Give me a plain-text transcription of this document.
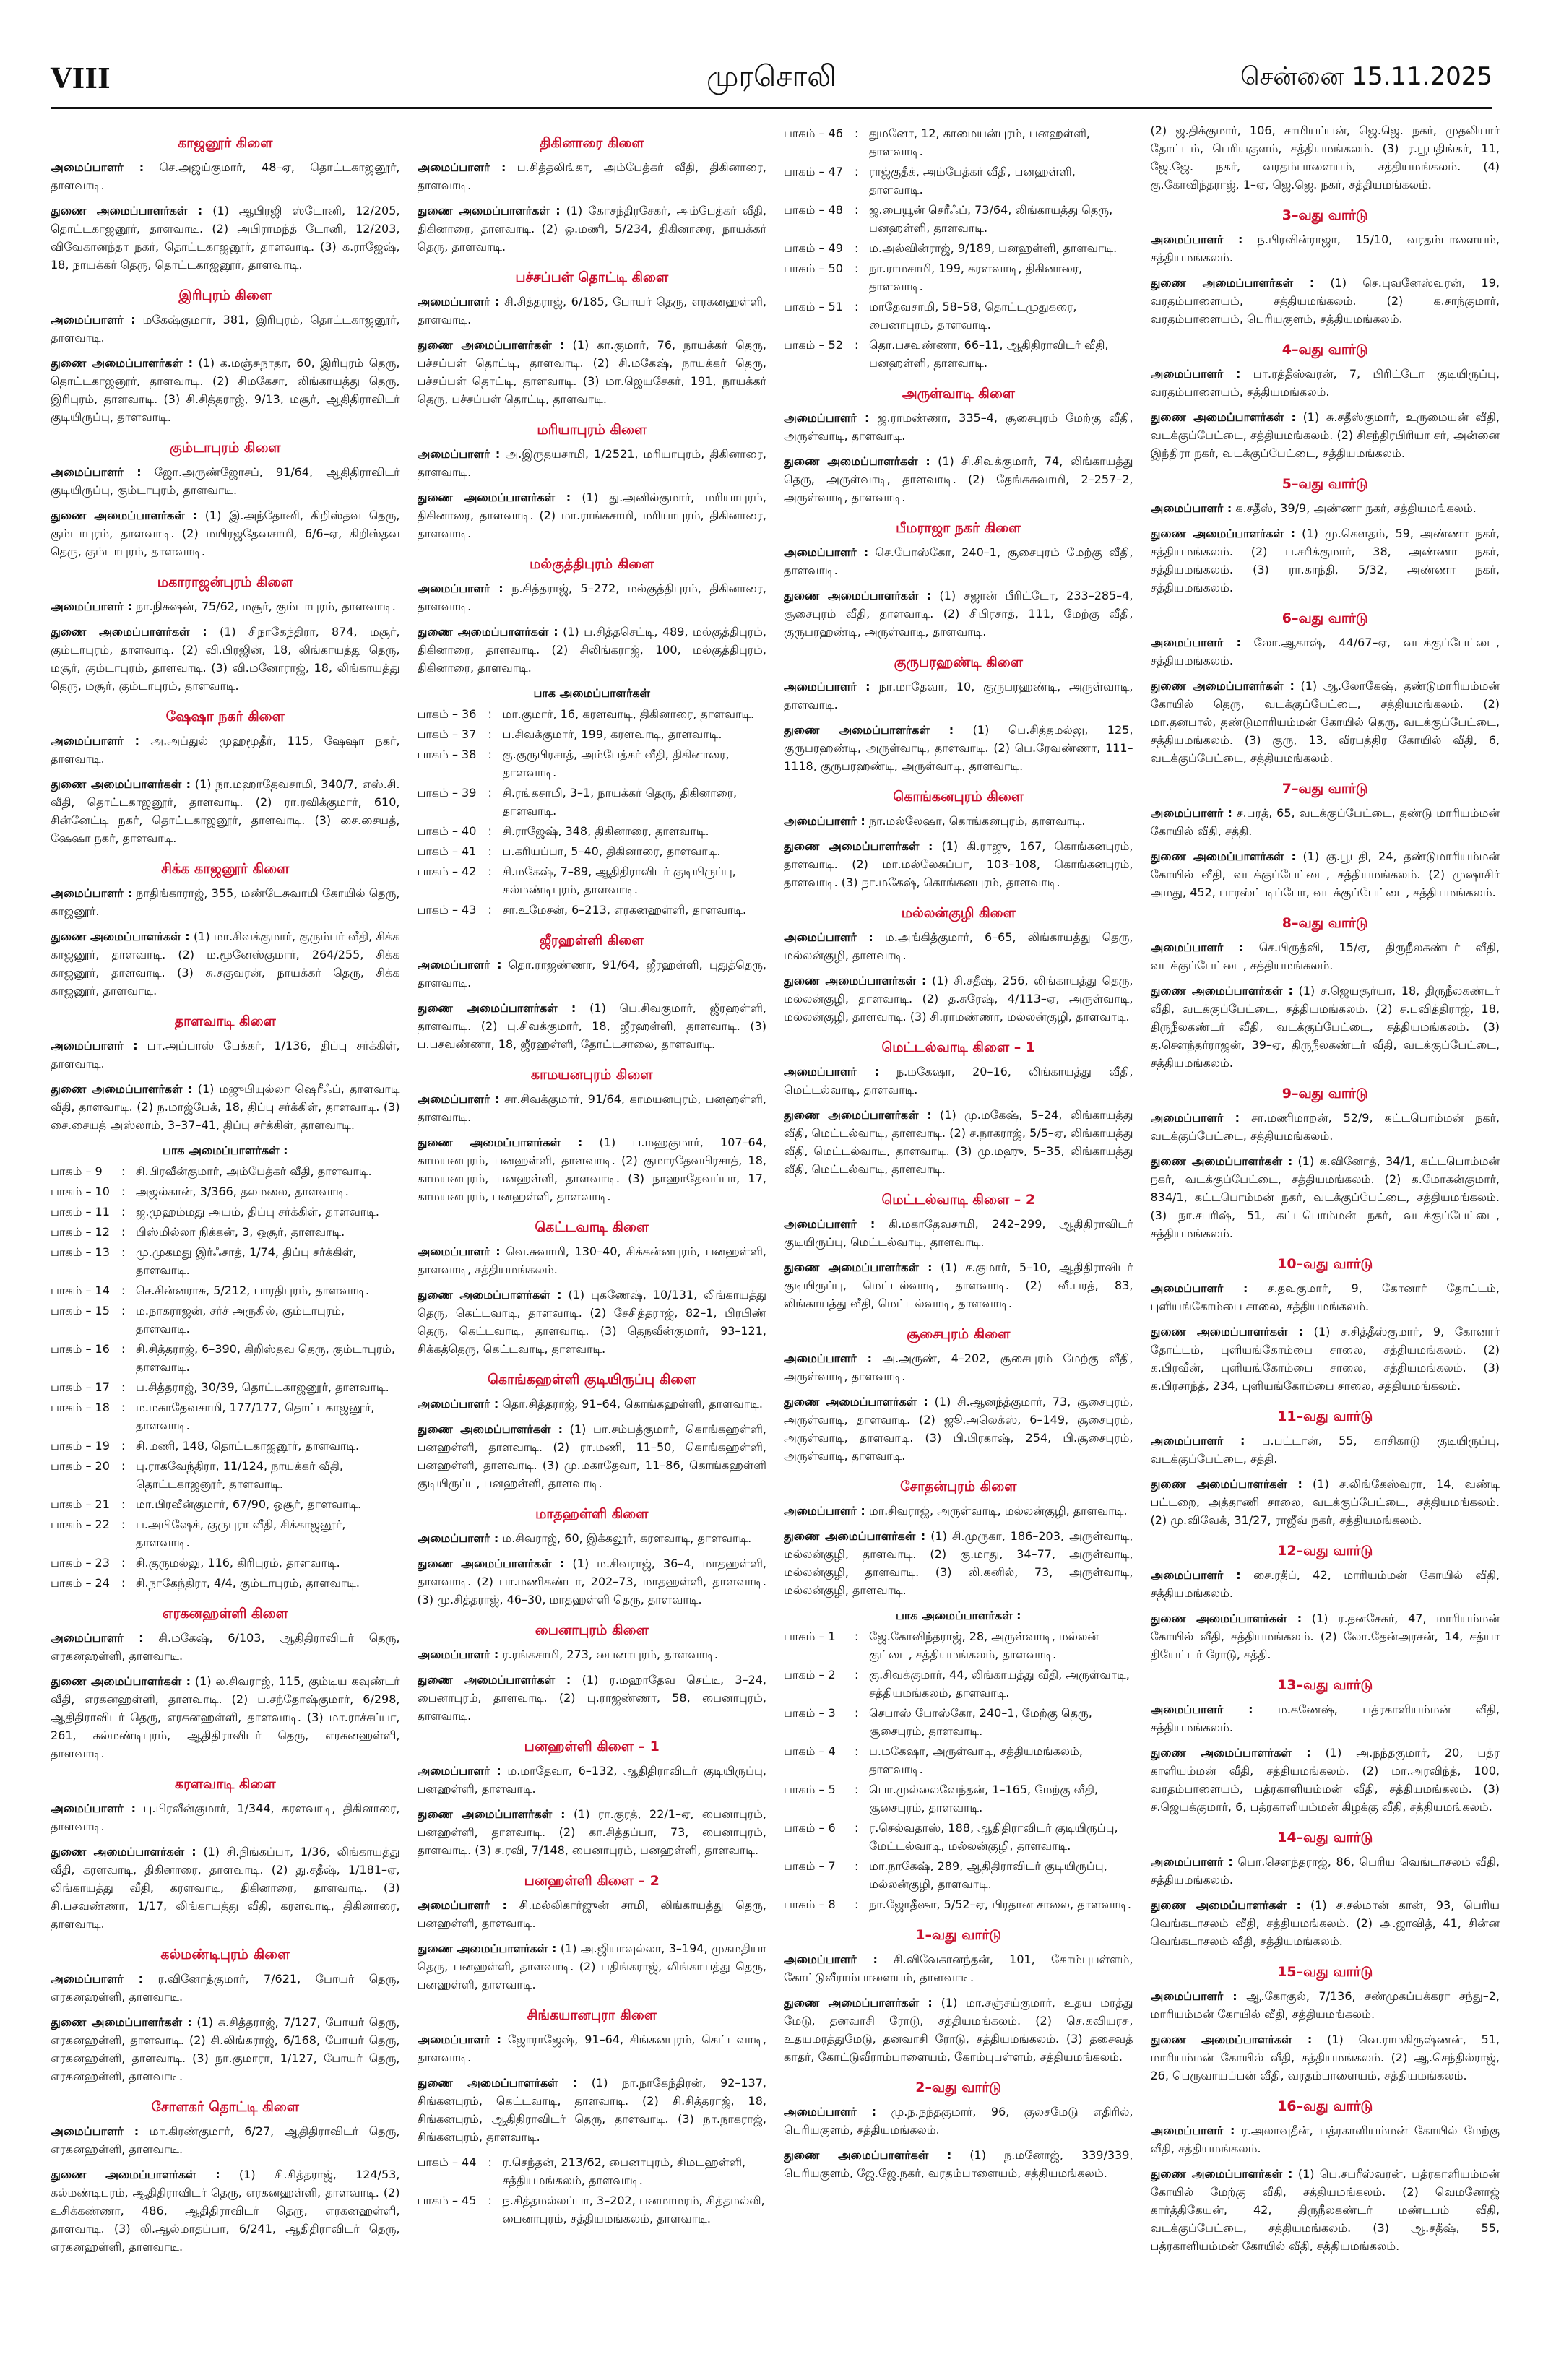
VIII	முரசொலி	சென்னை 15.11.2025
காஜனூர் கிளை

அமைப்பாளர் : செ.அஜய்குமார், 48–ஏ, தொட்டகாஜனூர், தாளவாடி.

துணை அமைப்பாளர்கள் : (1) ஆபிரஜி ஸ்டோனி, 12/205, தொட்டகாஜனூர், தாளவாடி. (2) அபிராமந்த் டோனி, 12/203, விவேகானந்தா நகர், தொட்டகாஜனூர், தாளவாடி. (3) க.ராஜேஷ், 18, நாயக்கர் தெரு, தொட்டகாஜனூர், தாளவாடி.

இரிபுரம் கிளை

அமைப்பாளர் : மகேஷ்குமார், 381, இரிபுரம், தொட்டகாஜனூர், தாளவாடி.

துணை அமைப்பாளர்கள் : (1) க.மஞ்சுநாதா, 60, இரிபுரம் தெரு, தொட்டகாஜனூர், தாளவாடி. (2) சிமகேசா, லிங்காயத்து தெரு, இரிபுரம், தாளவாடி. (3) சி.சித்தராஜ், 9/13, மசூர், ஆதிதிராவிடர் குடியிருப்பு, தாளவாடி.

கும்டாபுரம் கிளை

அமைப்பாளர் : ஜோ.அருண்ஜோசப், 91/64, ஆதிதிராவிடர் குடியிருப்பு, கும்டாபுரம், தாளவாடி.

துணை அமைப்பாளர்கள் : (1) இ.அந்தோனி, கிறிஸ்தவ தெரு, கும்டாபுரம், தாளவாடி. (2) மயிரஜதேவசாமி, 6/6–ஏ, கிறிஸ்தவ தெரு, கும்டாபுரம், தாளவாடி.

மகாராஜன்புரம் கிளை

அமைப்பாளர் : நா.நிசுஷன், 75/62, மசூர், கும்டாபுரம், தாளவாடி.

துணை அமைப்பாளர்கள் : (1) சிநாகேந்திரா, 874, மசூர், கும்டாபுரம், தாளவாடி. (2) வி.பிரஜின், 18, லிங்காயத்து தெரு, மசூர், கும்டாபுரம், தாளவாடி. (3) வி.மனோராஜ், 18, லிங்காயத்து தெரு, மசூர், கும்டாபுரம், தாளவாடி.

ஷேஷா நகர் கிளை

அமைப்பாளர் : அ.அப்துல் முஹமூதீர், 115, ஷேஷா நகர், தாளவாடி.

துணை அமைப்பாளர்கள் : (1) நா.மஹாதேவசாமி, 340/7, எஸ்.சி. வீதி, தொட்டகாஜனூர், தாளவாடி. (2) ரா.ரவிக்குமார், 610, சின்னேட்டி நகர், தொட்டகாஜனூர், தாளவாடி. (3) சை.சையத், ஷேஷா நகர், தாளவாடி.

சிக்க காஜனூர் கிளை

அமைப்பாளர் : நாதிங்காராஜ், 355, மண்டேசுவாமி கோயில் தெரு, காஜனூர்.

துணை அமைப்பாளர்கள் : (1) மா.சிவக்குமார், குரும்பர் வீதி, சிக்க காஜனூர், தாளவாடி. (2) ம.மூனேஸ்குமார், 264/255, சிக்க காஜனூர், தாளவாடி. (3) சு.சகுவரன், நாயக்கர் தெரு, சிக்க காஜனூர், தாளவாடி.

தாளவாடி கிளை

அமைப்பாளர் : பா.அப்பாஸ் பேக்கர், 1/136, திப்பு சர்க்கிள், தாளவாடி.

துணை அமைப்பாளர்கள் : (1) மஜுபியுல்லா ஷெரீஃப், தாளவாடி வீதி, தாளவாடி. (2) ந.மாஜ்பேக், 18, திப்பு சர்க்கிள், தாளவாடி. (3) சை.சையத் அஸ்லாம், 3–37–41, திப்பு சர்க்கிள், தாளவாடி.

பாக அமைப்பாளர்கள் :
பாகம் – 9	: சி.பிரவீன்குமார், அம்பேத்கர் வீதி, தாளவாடி.
பாகம் – 10	: அஜல்கான், 3/366, தலமலை, தாளவாடி.
பாகம் – 11	: ஜ.முஹம்மது அயம், திப்பு சர்க்கிள், தாளவாடி.
பாகம் – 12	: பிஸ்மில்லா நிக்கன், 3, ஒசூர், தாளவாடி.
பாகம் – 13	: மு.முகமது இர்ஃசாத், 1/74, திப்பு சர்க்கிள், தாளவாடி.
பாகம் – 14	: செ.சின்னராசு, 5/212, பாரதிபுரம், தாளவாடி.
பாகம் – 15	: ம.நாகராஜன், சர்ச் அருகில், கும்டாபுரம், தாளவாடி.
பாகம் – 16	: சி.சித்தராஜ், 6–390, கிறிஸ்தவ தெரு, கும்டாபுரம், தாளவாடி.
பாகம் – 17	: ப.சித்தராஜ், 30/39, தொட்டகாஜனூர், தாளவாடி.
பாகம் – 18	: ம.மகாதேவசாமி, 177/177, தொட்டகாஜனூர், தாளவாடி.
பாகம் – 19	: சி.மணி, 148, தொட்டகாஜனூர், தாளவாடி.
பாகம் – 20	: பு.ராகவேந்திரா, 11/124, நாயக்கர் வீதி, தொட்டகாஜனூர், தாளவாடி.
பாகம் – 21	: மா.பிரவீன்குமார், 67/90, ஒசூர், தாளவாடி.
பாகம் – 22	: ப.அபிஷேக், குருபுரா வீதி, சிக்காஜனூர், தாளவாடி.
பாகம் – 23	: சி.குருமல்லு, 116, கிரிபுரம், தாளவாடி.
பாகம் – 24	: சி.நாகேந்திரா, 4/4, கும்டாபுரம், தாளவாடி.
எரகனஹள்ளி கிளை

அமைப்பாளர் : சி.மகேஷ், 6/103, ஆதிதிராவிடர் தெரு, எரகனஹள்ளி, தாளவாடி.

துணை அமைப்பாளர்கள் : (1) ல.சிவராஜ், 115, கும்டிய கவுண்டர் வீதி, எரகனஹள்ளி, தாளவாடி. (2) ப.சந்தோஷ்குமார், 6/298, ஆதிதிராவிடர் தெரு, எரகனஹள்ளி, தாளவாடி. (3) மா.ராச்சப்பா, 261, கல்மண்டிபுரம், ஆதிதிராவிடர் தெரு, எரகனஹள்ளி, தாளவாடி.

கரளவாடி கிளை

அமைப்பாளர் : பு.பிரவீன்குமார், 1/344, கரளவாடி, திகினாரை, தாளவாடி.

துணை அமைப்பாளர்கள் : (1) சி.நிங்கப்பா, 1/36, லிங்காயத்து வீதி, கரளவாடி, திகினாரை, தாளவாடி. (2) து.சதீஷ், 1/181–ஏ, லிங்காயத்து வீதி, கரளவாடி, திகினாரை, தாளவாடி. (3) சி.பசவண்ணா, 1/17, லிங்காயத்து வீதி, கரளவாடி, திகினாரை, தாளவாடி.

கல்மண்டிபுரம் கிளை

அமைப்பாளர் : ர.வினோத்குமார், 7/621, போயர் தெரு, எரகனஹள்ளி, தாளவாடி.

துணை அமைப்பாளர்கள் : (1) சு.சித்தராஜ், 7/127, போயர் தெரு, எரகனஹள்ளி, தாளவாடி. (2) சி.லிங்கராஜ், 6/168, போயர் தெரு, எரகனஹள்ளி, தாளவாடி. (3) நா.குமாரா, 1/127, போயர் தெரு, எரகனஹள்ளி, தாளவாடி.

சோளகர் தொட்டி கிளை

அமைப்பாளர் : மா.கிரண்குமார், 6/27, ஆதிதிராவிடர் தெரு, எரகனஹள்ளி, தாளவாடி.

துணை அமைப்பாளர்கள் : (1) சி.சித்தராஜ், 124/53, கல்மண்டிபுரம், ஆதிதிராவிடர் தெரு, எரகனஹள்ளி, தாளவாடி. (2) உசிக்கண்ணா, 486, ஆதிதிராவிடர் தெரு, எரகனஹள்ளி, தாளவாடி. (3) லி.ஆல்மாதப்பா, 6/241, ஆதிதிராவிடர் தெரு, எரகனஹள்ளி, தாளவாடி.

திகினாரை கிளை

அமைப்பாளர் : ப.சித்தலிங்கா, அம்பேத்கர் வீதி, திகினாரை, தாளவாடி.

துணை அமைப்பாளர்கள் : (1) கோசந்திரசேகர், அம்பேத்கர் வீதி, திகினாரை, தாளவாடி. (2) ஒ.மணி, 5/234, திகினாரை, நாயக்கர் தெரு, தாளவாடி.

பச்சப்பள் தொட்டி கிளை

அமைப்பாளர் : சி.சித்தராஜ், 6/185, போயர் தெரு, எரகனஹள்ளி, தாளவாடி.

துணை அமைப்பாளர்கள் : (1) கா.குமார், 76, நாயக்கர் தெரு, பச்சப்பள் தொட்டி, தாளவாடி. (2) சி.மகேஷ், நாயக்கர் தெரு, பச்சப்பள் தொட்டி, தாளவாடி. (3) மா.ஜெயசேகர், 191, நாயக்கர் தெரு, பச்சப்பள் தொட்டி, தாளவாடி.

மரியாபுரம் கிளை

அமைப்பாளர் : அ.இருதயசாமி, 1/2521, மரியாபுரம், திகினாரை, தாளவாடி.

துணை அமைப்பாளர்கள் : (1) து.அனில்குமார், மரியாபுரம், திகினாரை, தாளவாடி. (2) மா.ராங்கசாமி, மரியாபுரம், திகினாரை, தாளவாடி.

மல்குத்திபுரம் கிளை

அமைப்பாளர் : ந.சித்தராஜ், 5–272, மல்குத்திபுரம், திகினாரை, தாளவாடி.

துணை அமைப்பாளர்கள் : (1) ப.சித்தசெட்டி, 489, மல்குத்திபுரம், திகினாரை, தாளவாடி. (2) சிலிங்கராஜ், 100, மல்குத்திபுரம், திகினாரை, தாளவாடி.

பாக அமைப்பாளர்கள்
பாகம் – 36	: மா.குமார், 16, கரளவாடி, திகினாரை, தாளவாடி.
பாகம் – 37	: ப.சிவக்குமார், 199, கரளவாடி, தாளவாடி.
பாகம் – 38	: கு.குருபிரசாத், அம்பேத்கர் வீதி, திகினாரை, தாளவாடி.
பாகம் – 39	: சி.ரங்கசாமி, 3–1, நாயக்கர் தெரு, திகினாரை, தாளவாடி.
பாகம் – 40	: சி.ராஜேஷ், 348, திகினாரை, தாளவாடி.
பாகம் – 41	: ப.கரியப்பா, 5–40, திகினாரை, தாளவாடி.
பாகம் – 42	: சி.மகேஷ், 7–89, ஆதிதிராவிடர் குடியிருப்பு, கல்மண்டிபுரம், தாளவாடி.
பாகம் – 43	: சா.உமேசன், 6–213, எரகனஹள்ளி, தாளவாடி.
ஜீரஹள்ளி கிளை

அமைப்பாளர் : தொ.ராஜண்ணா, 91/64, ஜீரஹள்ளி, புதுத்தெரு, தாளவாடி.

துணை அமைப்பாளர்கள் : (1) பெ.சிவகுமார், ஜீரஹள்ளி, தாளவாடி. (2) பு.சிவக்குமார், 18, ஜீரஹள்ளி, தாளவாடி. (3) ப.பசவண்ணா, 18, ஜீரஹள்ளி, தோட்டசாலை, தாளவாடி.

காமயனபுரம் கிளை

அமைப்பாளர் : சா.சிவக்குமார், 91/64, காமயனபுரம், பனஹள்ளி, தாளவாடி.

துணை அமைப்பாளர்கள் : (1) ப.மஹகுமார், 107–64, காமயனபுரம், பனஹள்ளி, தாளவாடி. (2) குமாரதேவபிரசாத், 18, காமயனபுரம், பனஹள்ளி, தாளவாடி. (3) நாஹாதேவப்பா, 17, காமயனபுரம், பனஹள்ளி, தாளவாடி.

கெட்டவாடி கிளை

அமைப்பாளர் : வெ.சுவாமி, 130–40, சிக்கன்னபுரம், பனஹள்ளி, தாளவாடி, சத்தியமங்கலம்.

துணை அமைப்பாளர்கள் : (1) புகணேஷ், 10/131, லிங்காயத்து தெரு, கெட்டவாடி, தாளவாடி. (2) சேசித்தராஜ், 82–1, பிரபிண் தெரு, கெட்டவாடி, தாளவாடி. (3) தெநவீன்குமார், 93–121, சிக்கத்தெரு, கெட்டவாடி, தாளவாடி.

கொங்கஹள்ளி குடியிருப்பு கிளை

அமைப்பாளர் : தொ.சித்தராஜ், 91–64, கொங்கஹள்ளி, தாளவாடி.

துணை அமைப்பாளர்கள் : (1) பா.சம்பத்குமார், கொங்கஹள்ளி, பனஹள்ளி, தாளவாடி. (2) ரா.மணி, 11–50, கொங்கஹள்ளி, பனஹள்ளி, தாளவாடி. (3) மு.மகாதேவா, 11–86, கொங்கஹள்ளி குடியிருப்பு, பனஹள்ளி, தாளவாடி.

மாதஹள்ளி கிளை

அமைப்பாளர் : ம.சிவராஜ், 60, இக்கலூர், கரளவாடி, தாளவாடி.

துணை அமைப்பாளர்கள் : (1) ம.சிவராஜ், 36–4, மாதஹள்ளி, தாளவாடி. (2) பா.மணிகண்டா, 202–73, மாதஹள்ளி, தாளவாடி. (3) மு.சித்தராஜ், 46–30, மாதஹள்ளி தெரு, தாளவாடி.

பைனாபுரம் கிளை

அமைப்பாளர் : ர.ரங்கசாமி, 273, பைனாபுரம், தாளவாடி.

துணை அமைப்பாளர்கள் : (1) ர.மஹாதேவ செட்டி, 3–24, பைனாபுரம், தாளவாடி. (2) பு.ராஜண்ணா, 58, பைனாபுரம், தாளவாடி.

பனஹள்ளி கிளை – 1

அமைப்பாளர் : ம.மாதேவா, 6–132, ஆதிதிராவிடர் குடியிருப்பு, பனஹள்ளி, தாளவாடி.

துணை அமைப்பாளர்கள் : (1) ரா.குரத், 22/1–ஏ, பைனாபுரம், பனஹள்ளி, தாளவாடி. (2) கா.சித்தப்பா, 73, பைனாபுரம், தாளவாடி. (3) ச.ரவி, 7/148, பைனாபுரம், பனஹள்ளி, தாளவாடி.

பனஹள்ளி கிளை – 2

அமைப்பாளர் : சி.மல்லிகார்ஜுன் சாமி, லிங்காயத்து தெரு, பனஹள்ளி, தாளவாடி.

துணை அமைப்பாளர்கள் : (1) அ.ஜியாவுல்லா, 3–194, முகமதியா தெரு, பனஹள்ளி, தாளவாடி. (2) பதிங்கராஜ், லிங்காயத்து தெரு, பனஹள்ளி, தாளவாடி.

சிங்கயானபுரா கிளை

அமைப்பாளர் : ஜோராஜேஷ், 91–64, சிங்கனபுரம், கெட்டவாடி, தாளவாடி.

துணை அமைப்பாளர்கள் : (1) நா.நாகேந்திரன், 92–137, சிங்கனபுரம், கெட்டவாடி, தாளவாடி. (2) சி.சித்தராஜ், 18, சிங்கனபுரம், ஆதிதிராவிடர் தெரு, தாளவாடி. (3) நா.நாகராஜ், சிங்கனபுரம், தாளவாடி.

பாகம் – 44	: ர.செந்தன், 213/62, பைனாபுரம், சிமடஹள்ளி, சத்தியமங்கலம், தாளவாடி.
பாகம் – 45	: ந.சித்தமல்லப்பா, 3–202, பனமாமரம், சித்தமல்லி, பைனாபுரம், சத்தியமங்கலம், தாளவாடி.
பாகம் – 46	: துமனோ, 12, காமையன்புரம், பனஹள்ளி, தாளவாடி.
பாகம் – 47	: ராஜ்குதீக், அம்பேத்கர் வீதி, பனஹள்ளி, தாளவாடி.
பாகம் – 48	: ஜ.பையூன் செரீஃப், 73/64, லிங்காயத்து தெரு, பனஹள்ளி, தாளவாடி.
பாகம் – 49	: ம.அல்வின்ராஜ், 9/189, பனஹள்ளி, தாளவாடி.
பாகம் – 50	: நா.ராமசாமி, 199, கரளவாடி, திகினாரை, தாளவாடி.
பாகம் – 51	: மாதேவசாமி, 58–58, தொட்டமுதுகரை, பைனாபுரம், தாளவாடி.
பாகம் – 52	: தொ.பசவண்ணா, 66–11, ஆதிதிராவிடர் வீதி, பனஹள்ளி, தாளவாடி.
அருள்வாடி கிளை

அமைப்பாளர் : ஜ.ராமண்ணா, 335–4, சூசைபுரம் மேற்கு வீதி, அருள்வாடி, தாளவாடி.

துணை அமைப்பாளர்கள் : (1) சி.சிவக்குமார், 74, லிங்காயத்து தெரு, அருள்வாடி, தாளவாடி. (2) தேங்கசுவாமி, 2–257–2, அருள்வாடி, தாளவாடி.

பீமராஜா நகர் கிளை

அமைப்பாளர் : செ.போஸ்கோ, 240–1, சூசைபுரம் மேற்கு வீதி, தாளவாடி.

துணை அமைப்பாளர்கள் : (1) சஜான் பீரிட்டோ, 233–285–4, சூசைபுரம் வீதி, தாளவாடி. (2) சிபிரசாத், 111, மேற்கு வீதி, குருபரஹண்டி, அருள்வாடி, தாளவாடி.

குருபரஹண்டி கிளை

அமைப்பாளர் : நா.மாதேவா, 10, குருபரஹண்டி, அருள்வாடி, தாளவாடி.

துணை அமைப்பாளர்கள் : (1) பெ.சித்தமல்லு, 125, குருபரஹண்டி, அருள்வாடி, தாளவாடி. (2) பெ.ரேவண்ணா, 111–1118, குருபரஹண்டி, அருள்வாடி, தாளவாடி.

கொங்கனபுரம் கிளை

அமைப்பாளர் : நா.மல்லேஷா, கொங்கனபுரம், தாளவாடி.

துணை அமைப்பாளர்கள் : (1) கி.ராஜு, 167, கொங்கனபுரம், தாளவாடி. (2) மா.மல்லேசுப்பா, 103–108, கொங்கனபுரம், தாளவாடி. (3) நா.மகேஷ், கொங்கனபுரம், தாளவாடி.

மல்லன்குழி கிளை

அமைப்பாளர் : ம.அங்கித்குமார், 6–65, லிங்காயத்து தெரு, மல்லன்குழி, தாளவாடி.

துணை அமைப்பாளர்கள் : (1) சி.சதீஷ், 256, லிங்காயத்து தெரு, மல்லன்குழி, தாளவாடி. (2) த.சுரேஷ், 4/113–ஏ, அருள்வாடி, மல்லன்குழி, தாளவாடி. (3) சி.ராமண்ணா, மல்லன்குழி, தாளவாடி.

மெட்டல்வாடி கிளை – 1

அமைப்பாளர் : ந.மகேஷா, 20–16, லிங்காயத்து வீதி, மெட்டல்வாடி, தாளவாடி.

துணை அமைப்பாளர்கள் : (1) மு.மகேஷ், 5–24, லிங்காயத்து வீதி, மெட்டல்வாடி, தாளவாடி. (2) ச.நாகராஜ், 5/5–ஏ, லிங்காயத்து வீதி, மெட்டல்வாடி, தாளவாடி. (3) மு.மஹு, 5–35, லிங்காயத்து வீதி, மெட்டல்வாடி, தாளவாடி.

மெட்டல்வாடி கிளை – 2

அமைப்பாளர் : கி.மகாதேவசாமி, 242–299, ஆதிதிராவிடர் குடியிருப்பு, மெட்டல்வாடி, தாளவாடி.

துணை அமைப்பாளர்கள் : (1) ச.குமார், 5–10, ஆதிதிராவிடர் குடியிருப்பு, மெட்டல்வாடி, தாளவாடி. (2) வீ.பரத், 83, லிங்காயத்து வீதி, மெட்டல்வாடி, தாளவாடி.

சூசைபுரம் கிளை

அமைப்பாளர் : அ.அருண், 4–202, சூசைபுரம் மேற்கு வீதி, அருள்வாடி, தாளவாடி.

துணை அமைப்பாளர்கள் : (1) சி.ஆனந்த்குமார், 73, சூசைபுரம், அருள்வாடி, தாளவாடி. (2) ஜூ.அலெக்ஸ், 6–149, சூசைபுரம், அருள்வாடி, தாளவாடி. (3) பி.பிரகாஷ், 254, பி.சூசைபுரம், அருள்வாடி, தாளவாடி.

சோதன்புரம் கிளை

அமைப்பாளர் : மா.சிவராஜ், அருள்வாடி, மல்லன்குழி, தாளவாடி.

துணை அமைப்பாளர்கள் : (1) சி.முருகா, 186–203, அருள்வாடி, மல்லன்குழி, தாளவாடி. (2) கு.மாது, 34–77, அருள்வாடி, மல்லன்குழி, தாளவாடி. (3) லி.கனில், 73, அருள்வாடி, மல்லன்குழி, தாளவாடி.

பாக அமைப்பாளர்கள் :
பாகம் – 1	: ஜே.கோவிந்தராஜ், 28, அருள்வாடி, மல்லன் குட்டை, சத்தியமங்கலம், தாளவாடி.
பாகம் – 2	: கு.சிவக்குமார், 44, லிங்காயத்து வீதி, அருள்வாடி, சத்தியமங்கலம், தாளவாடி.
பாகம் – 3	: செபாஸ் போஸ்கோ, 240–1, மேற்கு தெரு, சூசைபுரம், தாளவாடி.
பாகம் – 4	: ப.மகேஷா, அருள்வாடி, சத்தியமங்கலம், தாளவாடி.
பாகம் – 5	: பொ.முல்லைவேந்தன், 1–165, மேற்கு வீதி, சூசைபுரம், தாளவாடி.
பாகம் – 6	: ர.செல்வதாஸ், 188, ஆதிதிராவிடர் குடியிருப்பு, மேட்டல்வாடி, மல்லன்குழி, தாளவாடி.
பாகம் – 7	: மா.நாகேஷ், 289, ஆதிதிராவிடர் குடியிருப்பு, மல்லன்குழி, தாளவாடி.
பாகம் – 8	: நா.ஜோதீஷா, 5/52–ஏ, பிரதான சாலை, தாளவாடி.
1–வது வார்டு

அமைப்பாளர் : சி.விவேகானந்தன், 101, கோம்புபள்ளம், கோட்டுவீராம்பாளையம், தாளவாடி.

துணை அமைப்பாளர்கள் : (1) மா.சஞ்சய்குமார், உதய மரத்து மேடு, தனவாசி ரோடு, சத்தியமங்கலம். (2) செ.கவியரசு, உதயமரத்துமேடு, தனவாசி ரோடு, சத்தியமங்கலம். (3) தசைவத் காதர், கோட்டுவீராம்பாளையம், கோம்புபள்ளம், சத்தியமங்கலம்.

2–வது வார்டு

அமைப்பாளர் : மு.ந.நந்தகுமார், 96, குலசமேடு எதிரில், பெரியகுளம், சத்தியமங்கலம்.

துணை அமைப்பாளர்கள் : (1) ந.மனோஜ், 339/339, பெரியகுளம், ஜே.ஜே.நகர், வரதம்பாளையம், சத்தியமங்கலம்.

(2) ஜ.திக்குமார், 106, சாமியப்பன், ஜெ.ஜெ. நகர், முதலியார் தோட்டம், பெரியகுளம், சத்தியமங்கலம். (3) ர.பூபதிங்கர், 11, ஜே.ஜே. நகர், வரதம்பாளையம், சத்தியமங்கலம். (4) கு.கோவிந்தராஜ், 1–ஏ, ஜெ.ஜெ. நகர், சத்தியமங்கலம்.

3–வது வார்டு

அமைப்பாளர் : ந.பிரவின்ராஜா, 15/10, வரதம்பாளையம், சத்தியமங்கலம்.

துணை அமைப்பாளர்கள் : (1) செ.புவனேஸ்வரன், 19, வரதம்பாளையம், சத்தியமங்கலம். (2) க.சாந்குமார், வரதம்பாளையம், பெரியகுளம், சத்தியமங்கலம்.

4–வது வார்டு

அமைப்பாளர் : பா.ரத்தீஸ்வரன், 7, பிரிட்டோ குடியிருப்பு, வரதம்பாளையம், சத்தியமங்கலம்.

துணை அமைப்பாளர்கள் : (1) சு.சதீஸ்குமார், உருமையன் வீதி, வடக்குப்பேட்டை, சத்தியமங்கலம். (2) சிசந்திரபிரியா சர், அன்னை இந்திரா நகர், வடக்குப்பேட்டை, சத்தியமங்கலம்.

5–வது வார்டு

அமைப்பாளர் : க.சதீஸ், 39/9, அண்ணா நகர், சத்தியமங்கலம்.

துணை அமைப்பாளர்கள் : (1) மு.கௌதம், 59, அண்ணா நகர், சத்தியமங்கலம். (2) ப.சரிக்குமார், 38, அண்ணா நகர், சத்தியமங்கலம். (3) ரா.காந்தி, 5/32, அண்ணா நகர், சத்தியமங்கலம்.

6–வது வார்டு

அமைப்பாளர் : லோ.ஆகாஷ், 44/67–ஏ, வடக்குப்பேட்டை, சத்தியமங்கலம்.

துணை அமைப்பாளர்கள் : (1) ஆ.லோகேஷ், தண்டுமாரியம்மன் கோயில் தெரு, வடக்குப்பேட்டை, சத்தியமங்கலம். (2) மா.தனபால், தண்டுமாரியம்மன் கோயில் தெரு, வடக்குப்பேட்டை, சத்தியமங்கலம். (3) குரு, 13, வீரபத்திர கோயில் வீதி, 6, வடக்குப்பேட்டை, சத்தியமங்கலம்.

7–வது வார்டு

அமைப்பாளர் : ச.பரத், 65, வடக்குப்பேட்டை, தண்டு மாரியம்மன் கோயில் வீதி, சத்தி.

துணை அமைப்பாளர்கள் : (1) கு.பூபதி, 24, தண்டுமாரியம்மன் கோயில் வீதி, வடக்குப்பேட்டை, சத்தியமங்கலம். (2) முஷாசிர் அமது, 452, பாரஸ்ட் டிப்போ, வடக்குப்பேட்டை, சத்தியமங்கலம்.

8–வது வார்டு

அமைப்பாளர் : செ.பிருத்வி, 15/ஏ, திருநீலகண்டர் வீதி, வடக்குப்பேட்டை, சத்தியமங்கலம்.

துணை அமைப்பாளர்கள் : (1) ச.ஜெயசூர்யா, 18, திருநீலகண்டர் வீதி, வடக்குப்பேட்டை, சத்தியமங்கலம். (2) ச.பவித்திராஜ், 18, திருநீலகண்டர் வீதி, வடக்குப்பேட்டை, சத்தியமங்கலம். (3) த.சௌந்தர்ராஜன், 39–ஏ, திருநீலகண்டர் வீதி, வடக்குப்பேட்டை, சத்தியமங்கலம்.

9–வது வார்டு

அமைப்பாளர் : சா.மணிமாறன், 52/9, கட்டபொம்மன் நகர், வடக்குப்பேட்டை, சத்தியமங்கலம்.

துணை அமைப்பாளர்கள் : (1) க.வினோத், 34/1, கட்டபொம்மன் நகர், வடக்குப்பேட்டை, சத்தியமங்கலம். (2) க.மோகன்குமார், 834/1, கட்டபொம்மன் நகர், வடக்குப்பேட்டை, சத்தியமங்கலம். (3) நா.சபரிஷ், 51, கட்டபொம்மன் நகர், வடக்குப்பேட்டை, சத்தியமங்கலம்.

10–வது வார்டு

அமைப்பாளர் : ச.தவகுமார், 9, கோனார் தோட்டம், புளியங்கோம்பை சாலை, சத்தியமங்கலம்.

துணை அமைப்பாளர்கள் : (1) ச.சித்தீஸ்குமார், 9, கோனார் தோட்டம், புளியங்கோம்பை சாலை, சத்தியமங்கலம். (2) க.பிரவீன், புளியங்கோம்பை சாலை, சத்தியமங்கலம். (3) க.பிரசாந்த், 234, புளியங்கோம்பை சாலை, சத்தியமங்கலம்.

11–வது வார்டு

அமைப்பாளர் : ப.பட்டான், 55, காசிகாடு குடியிருப்பு, வடக்குப்பேட்டை, சத்தி.

துணை அமைப்பாளர்கள் : (1) ச.லிங்கேஸ்வரா, 14, வண்டி பட்டறை, அத்தாணி சாலை, வடக்குப்பேட்டை, சத்தியமங்கலம். (2) மு.விவேக், 31/27, ராஜீவ் நகர், சத்தியமங்கலம்.

12–வது வார்டு

அமைப்பாளர் : சை.ரதீப், 42, மாரியம்மன் கோயில் வீதி, சத்தியமங்கலம்.

துணை அமைப்பாளர்கள் : (1) ர.தனசேகர், 47, மாரியம்மன் கோயில் வீதி, சத்தியமங்கலம். (2) லோ.தேன்அரசன், 14, சத்யா தியேட்டர் ரோடு, சத்தி.

13–வது வார்டு

அமைப்பாளர் : ம.கணேஷ், பத்ரகாளியம்மன் வீதி, சத்தியமங்கலம்.

துணை அமைப்பாளர்கள் : (1) அ.நந்தகுமார், 20, பத்ர காளியம்மன் வீதி, சத்தியமங்கலம். (2) மா.அரவிந்த், 100, வரதம்பாளையம், பத்ரகாளியம்மன் வீதி, சத்தியமங்கலம். (3) ச.ஜெயக்குமார், 6, பத்ரகாளியம்மன் கிழக்கு வீதி, சத்தியமங்கலம்.

14–வது வார்டு

அமைப்பாளர் : பொ.சௌந்தராஜ், 86, பெரிய வெங்டாசலம் வீதி, சத்தியமங்கலம்.

துணை அமைப்பாளர்கள் : (1) ச.சல்மான் கான், 93, பெரிய வெங்கடாசலம் வீதி, சத்தியமங்கலம். (2) அ.ஜாவித், 41, சின்ன வெங்கடாசலம் வீதி, சத்தியமங்கலம்.

15–வது வார்டு

அமைப்பாளர் : ஆ.கோகுல், 7/136, சண்முகப்பக்கரா சந்து–2, மாரியம்மன் கோயில் வீதி, சத்தியமங்கலம்.

துணை அமைப்பாளர்கள் : (1) வெ.ராமகிருஷ்ணன், 51, மாரியம்மன் கோயில் வீதி, சத்தியமங்கலம். (2) ஆ.செந்தில்ராஜ், 26, பெருவாயப்பன் வீதி, வரதம்பாளையம், சத்தியமங்கலம்.

16–வது வார்டு

அமைப்பாளர் : ர.அலாவுதீன், பத்ரகாளியம்மன் கோயில் மேற்கு வீதி, சத்தியமங்கலம்.

துணை அமைப்பாளர்கள் : (1) பெ.சபரீஸ்வரன், பத்ரகாளியம்மன் கோயில் மேற்கு வீதி, சத்தியமங்கலம். (2) வெமனோஜ் கார்த்திகேயன், 42, திருநீலகண்டர் மண்டபம் வீதி, வடக்குப்பேட்டை, சத்தியமங்கலம். (3) ஆ.சதீஷ், 55, பத்ரகாளியம்மன் கோயில் வீதி, சத்தியமங்கலம்.
